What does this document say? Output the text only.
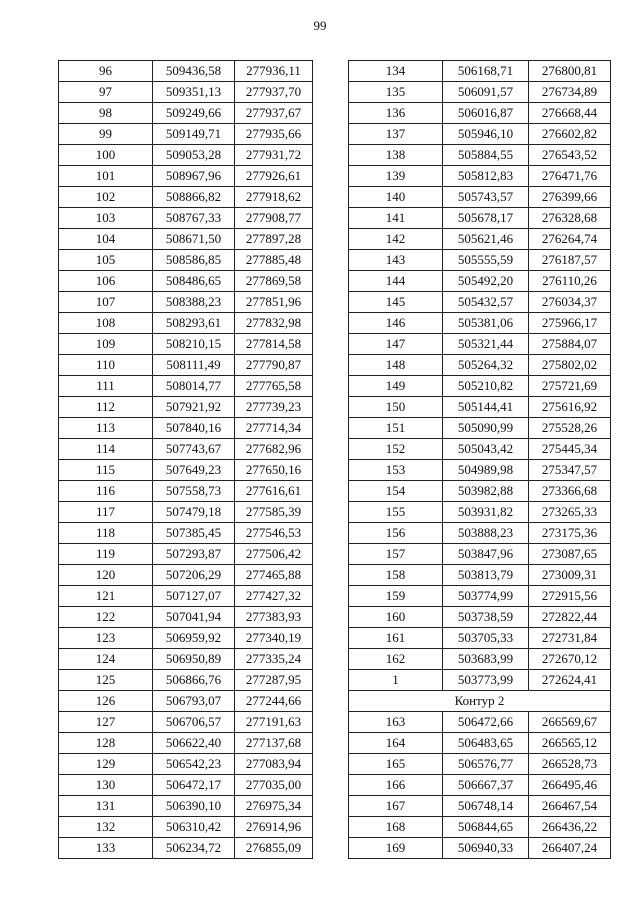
99
96	509436,58	277936,11
97	509351,13	277937,70
98	509249,66	277937,67
99	509149,71	277935,66
100	509053,28	277931,72
101	508967,96	277926,61
102	508866,82	277918,62
103	508767,33	277908,77
104	508671,50	277897,28
105	508586,85	277885,48
106	508486,65	277869,58
107	508388,23	277851,96
108	508293,61	277832,98
109	508210,15	277814,58
110	508111,49	277790,87
111	508014,77	277765,58
112	507921,92	277739,23
113	507840,16	277714,34
114	507743,67	277682,96
115	507649,23	277650,16
116	507558,73	277616,61
117	507479,18	277585,39
118	507385,45	277546,53
119	507293,87	277506,42
120	507206,29	277465,88
121	507127,07	277427,32
122	507041,94	277383,93
123	506959,92	277340,19
124	506950,89	277335,24
125	506866,76	277287,95
126	506793,07	277244,66
127	506706,57	277191,63
128	506622,40	277137,68
129	506542,23	277083,94
130	506472,17	277035,00
131	506390,10	276975,34
132	506310,42	276914,96
133	506234,72	276855,09
134	506168,71	276800,81
135	506091,57	276734,89
136	506016,87	276668,44
137	505946,10	276602,82
138	505884,55	276543,52
139	505812,83	276471,76
140	505743,57	276399,66
141	505678,17	276328,68
142	505621,46	276264,74
143	505555,59	276187,57
144	505492,20	276110,26
145	505432,57	276034,37
146	505381,06	275966,17
147	505321,44	275884,07
148	505264,32	275802,02
149	505210,82	275721,69
150	505144,41	275616,92
151	505090,99	275528,26
152	505043,42	275445,34
153	504989,98	275347,57
154	503982,88	273366,68
155	503931,82	273265,33
156	503888,23	273175,36
157	503847,96	273087,65
158	503813,79	273009,31
159	503774,99	272915,56
160	503738,59	272822,44
161	503705,33	272731,84
162	503683,99	272670,12
1	503773,99	272624,41
Контур 2		
163	506472,66	266569,67
164	506483,65	266565,12
165	506576,77	266528,73
166	506667,37	266495,46
167	506748,14	266467,54
168	506844,65	266436,22
169	506940,33	266407,24
